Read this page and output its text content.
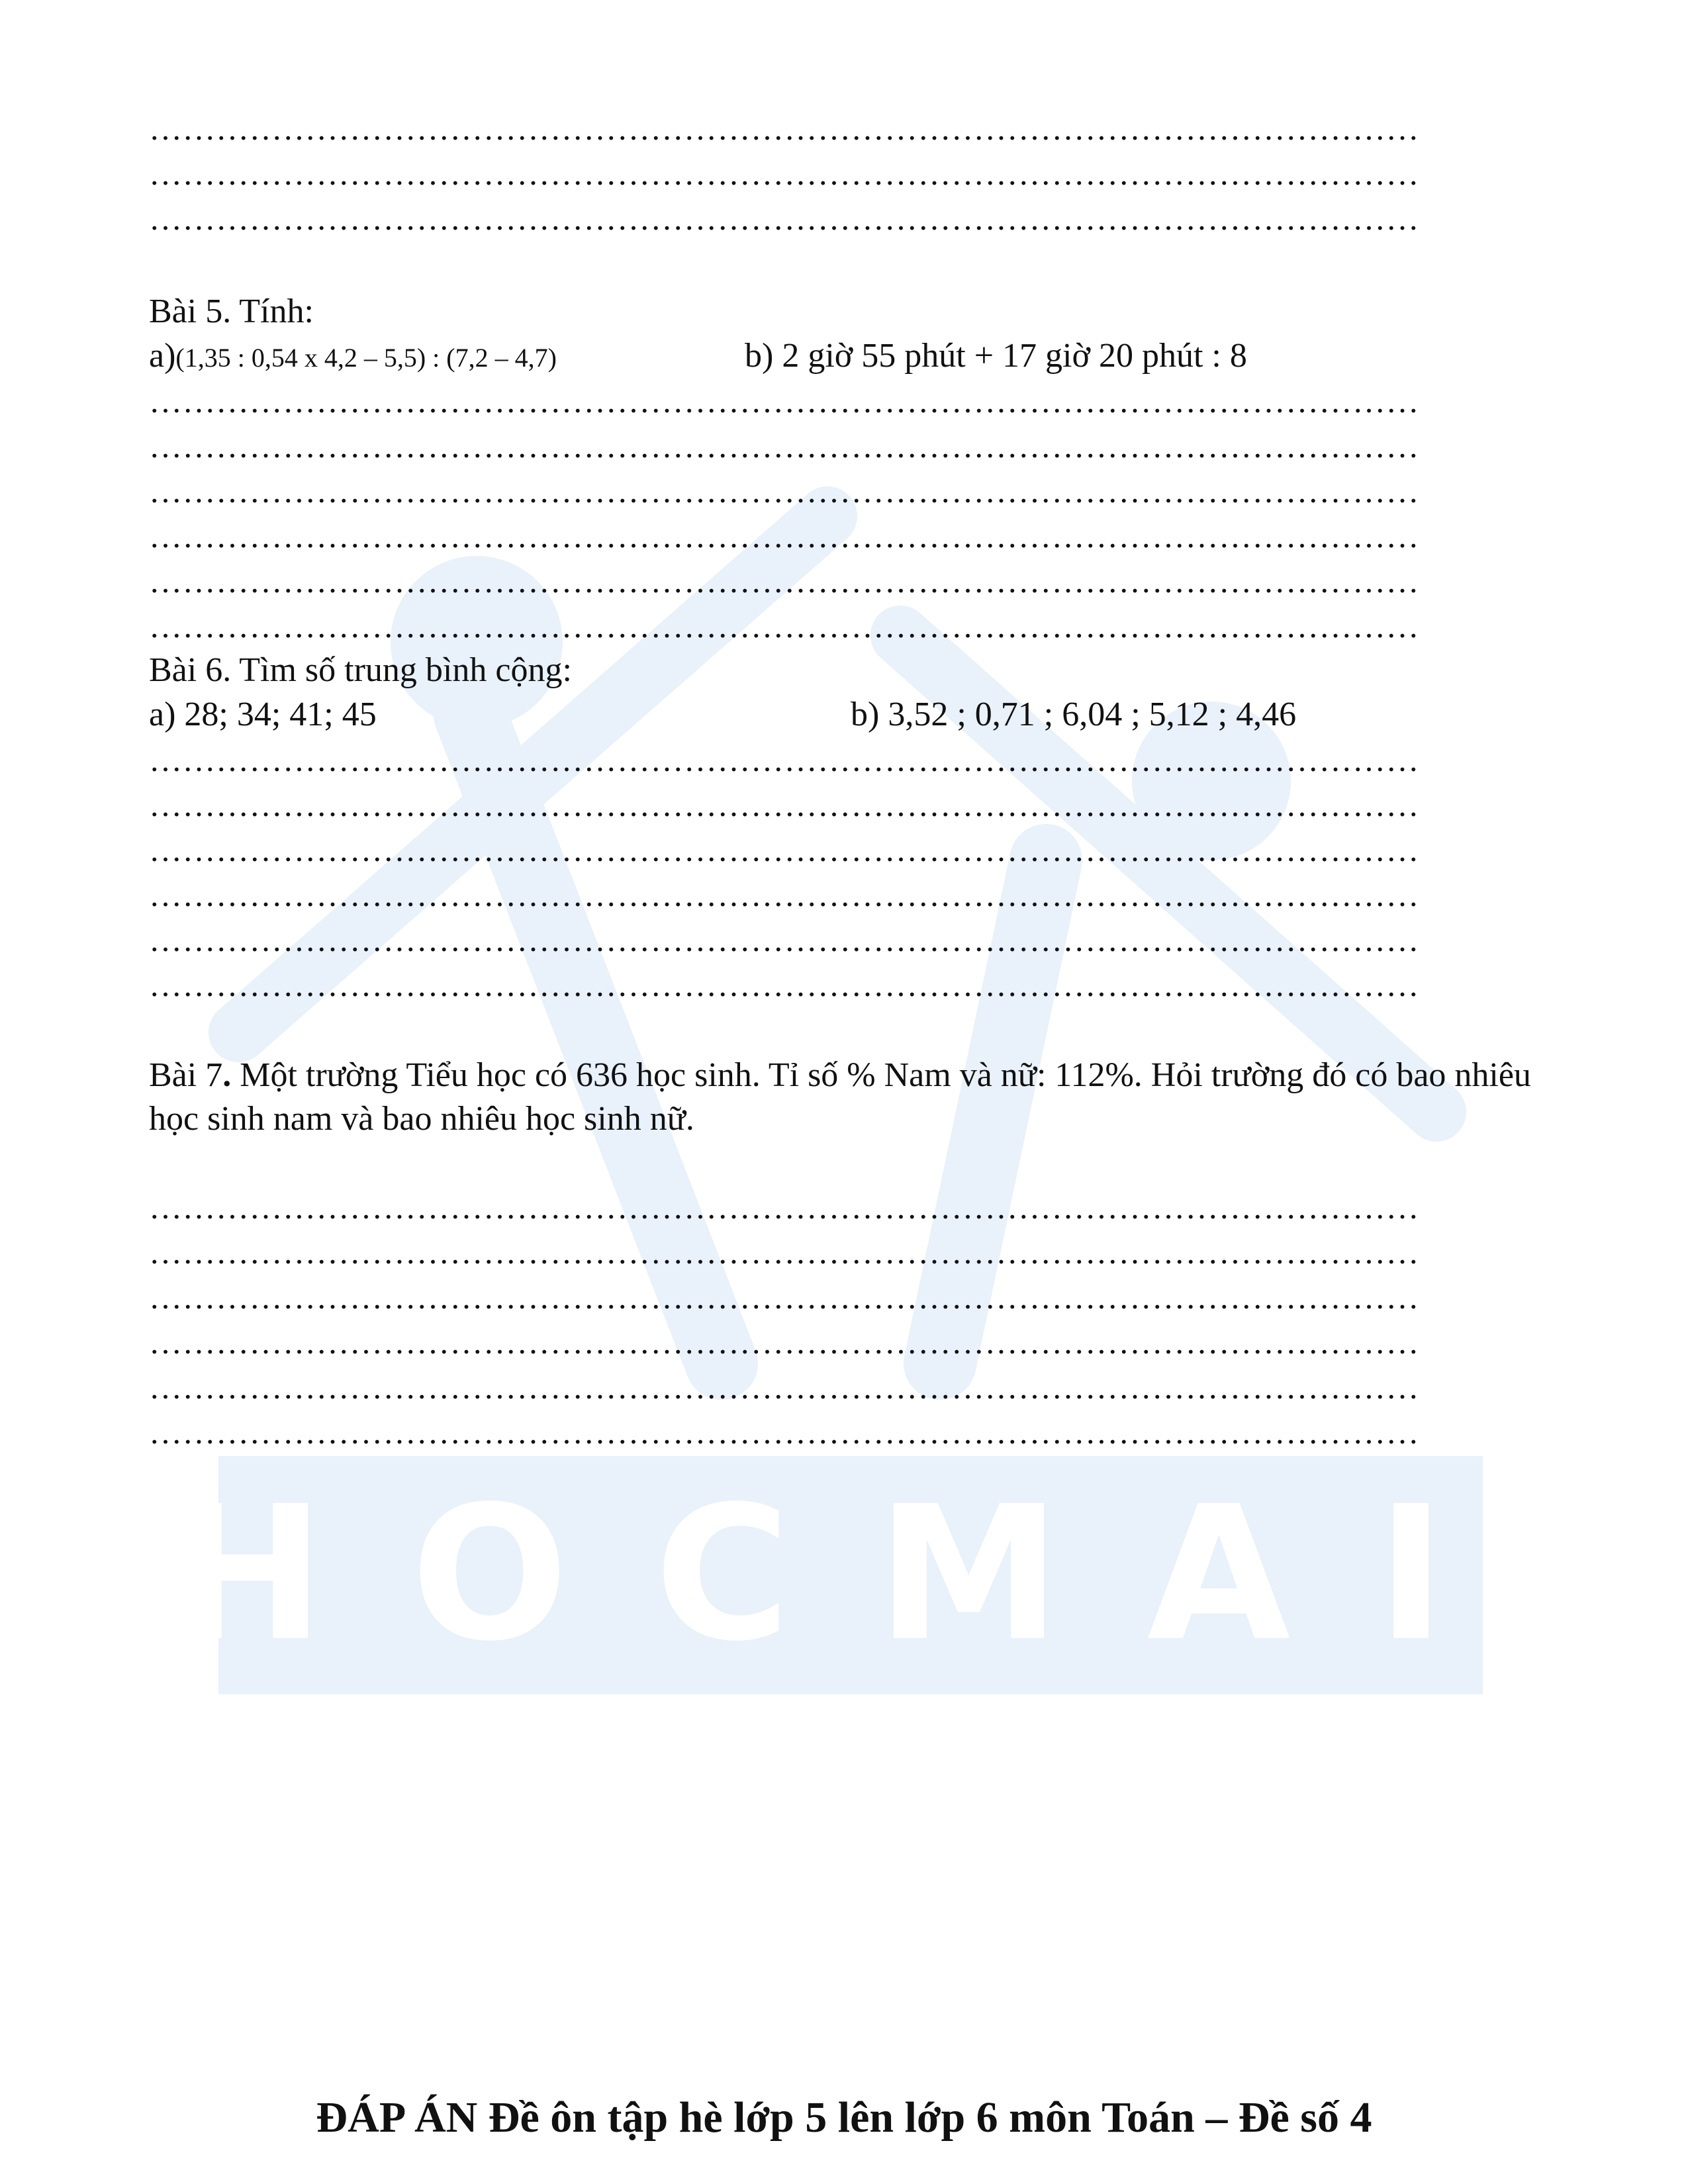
HOCMAI
……………………………………………………………………………………………………
……………………………………………………………………………………………………
……………………………………………………………………………………………………
Bài 5. Tính:
a)(1,35 : 0,54 x 4,2 – 5,5) : (7,2 – 4,7)	b) 2 giờ 55 phút + 17 giờ 20 phút : 8
……………………………………………………………………………………………………
……………………………………………………………………………………………………
……………………………………………………………………………………………………
……………………………………………………………………………………………………
……………………………………………………………………………………………………
……………………………………………………………………………………………………
Bài 6. Tìm số trung bình cộng:
a) 28; 34; 41; 45	b) 3,52 ; 0,71 ; 6,04 ; 5,12 ; 4,46
……………………………………………………………………………………………………
……………………………………………………………………………………………………
……………………………………………………………………………………………………
……………………………………………………………………………………………………
……………………………………………………………………………………………………
……………………………………………………………………………………………………
Bài 7. Một trường Tiểu học có 636 học sinh. Tỉ số % Nam và nữ: 112%. Hỏi trường đó có bao nhiêu học sinh nam và bao nhiêu học sinh nữ.
……………………………………………………………………………………………………
……………………………………………………………………………………………………
……………………………………………………………………………………………………
……………………………………………………………………………………………………
……………………………………………………………………………………………………
……………………………………………………………………………………………………
ĐÁP ÁN Đề ôn tập hè lớp 5 lên lớp 6 môn Toán – Đề số 4
